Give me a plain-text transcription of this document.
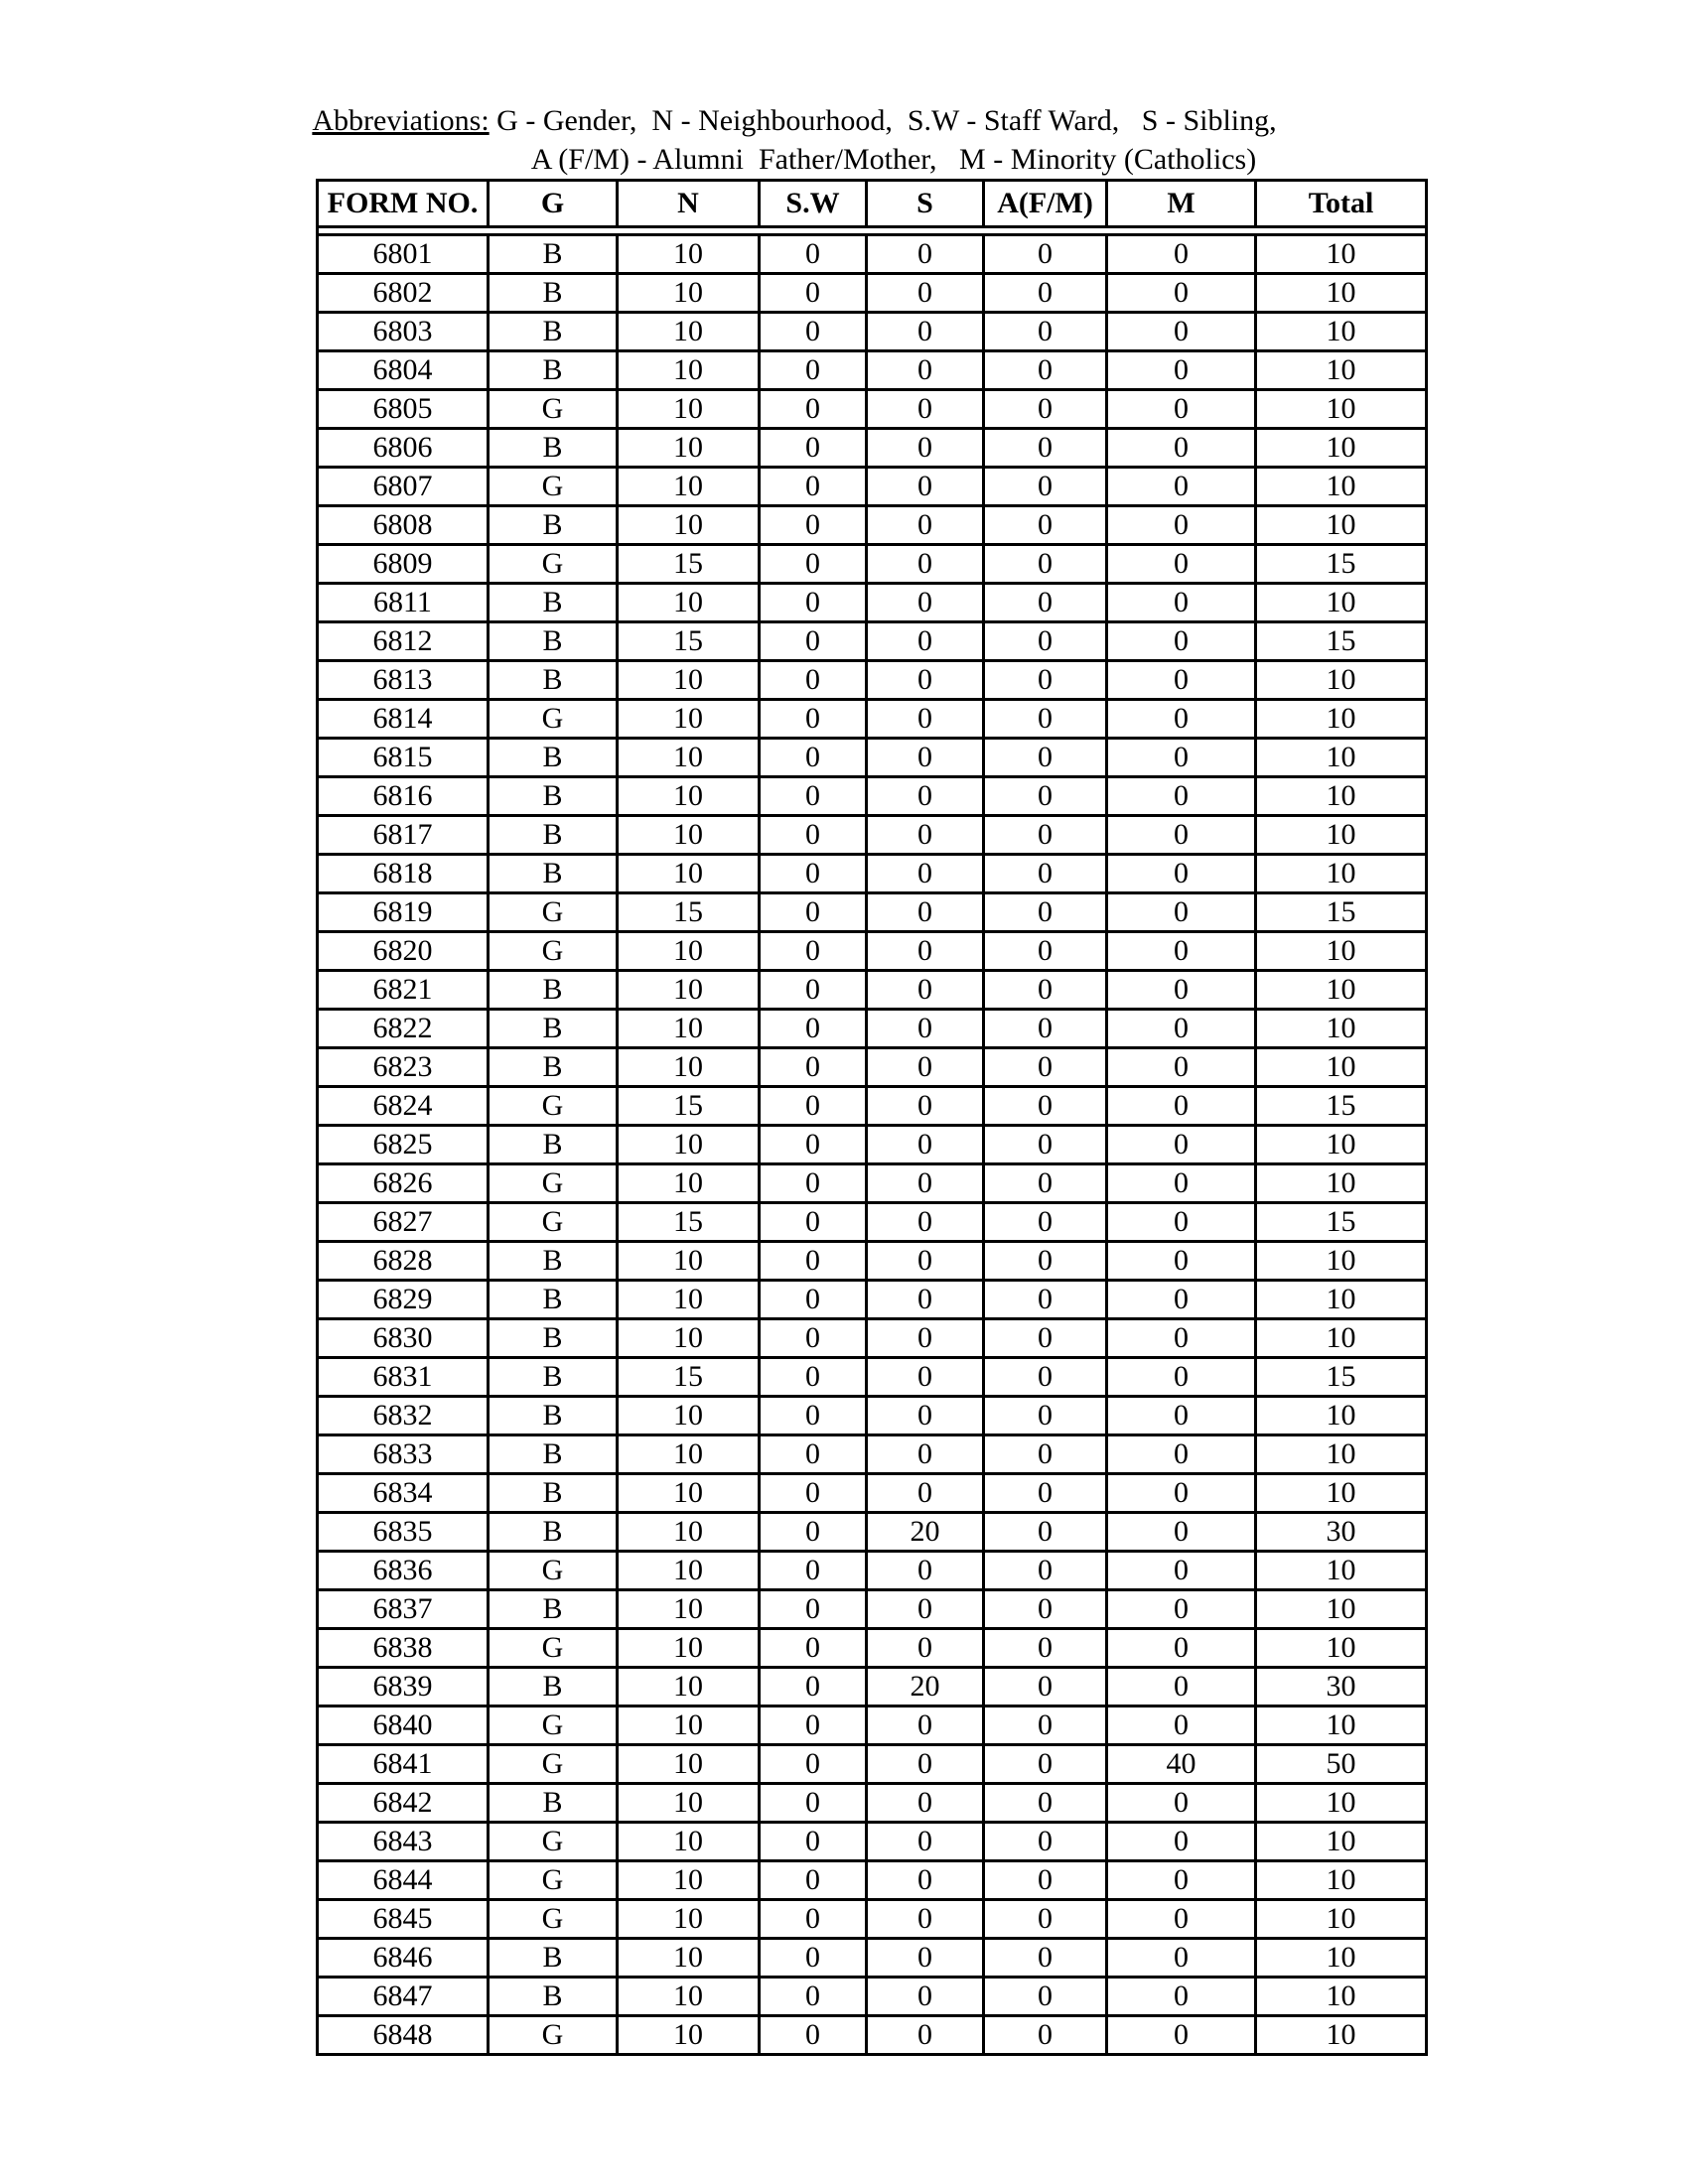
Abbreviations: G - Gender,  N - Neighbourhood,  S.W - Staff Ward,   S - Sibling,
A (F/M) - Alumni  Father/Mother,   M - Minority (Catholics)
FORM NO.	G	N	S.W	S	A(F/M)	M	Total

6801	B	10	0	0	0	0	10
6802	B	10	0	0	0	0	10
6803	B	10	0	0	0	0	10
6804	B	10	0	0	0	0	10
6805	G	10	0	0	0	0	10
6806	B	10	0	0	0	0	10
6807	G	10	0	0	0	0	10
6808	B	10	0	0	0	0	10
6809	G	15	0	0	0	0	15
6811	B	10	0	0	0	0	10
6812	B	15	0	0	0	0	15
6813	B	10	0	0	0	0	10
6814	G	10	0	0	0	0	10
6815	B	10	0	0	0	0	10
6816	B	10	0	0	0	0	10
6817	B	10	0	0	0	0	10
6818	B	10	0	0	0	0	10
6819	G	15	0	0	0	0	15
6820	G	10	0	0	0	0	10
6821	B	10	0	0	0	0	10
6822	B	10	0	0	0	0	10
6823	B	10	0	0	0	0	10
6824	G	15	0	0	0	0	15
6825	B	10	0	0	0	0	10
6826	G	10	0	0	0	0	10
6827	G	15	0	0	0	0	15
6828	B	10	0	0	0	0	10
6829	B	10	0	0	0	0	10
6830	B	10	0	0	0	0	10
6831	B	15	0	0	0	0	15
6832	B	10	0	0	0	0	10
6833	B	10	0	0	0	0	10
6834	B	10	0	0	0	0	10
6835	B	10	0	20	0	0	30
6836	G	10	0	0	0	0	10
6837	B	10	0	0	0	0	10
6838	G	10	0	0	0	0	10
6839	B	10	0	20	0	0	30
6840	G	10	0	0	0	0	10
6841	G	10	0	0	0	40	50
6842	B	10	0	0	0	0	10
6843	G	10	0	0	0	0	10
6844	G	10	0	0	0	0	10
6845	G	10	0	0	0	0	10
6846	B	10	0	0	0	0	10
6847	B	10	0	0	0	0	10
6848	G	10	0	0	0	0	10
